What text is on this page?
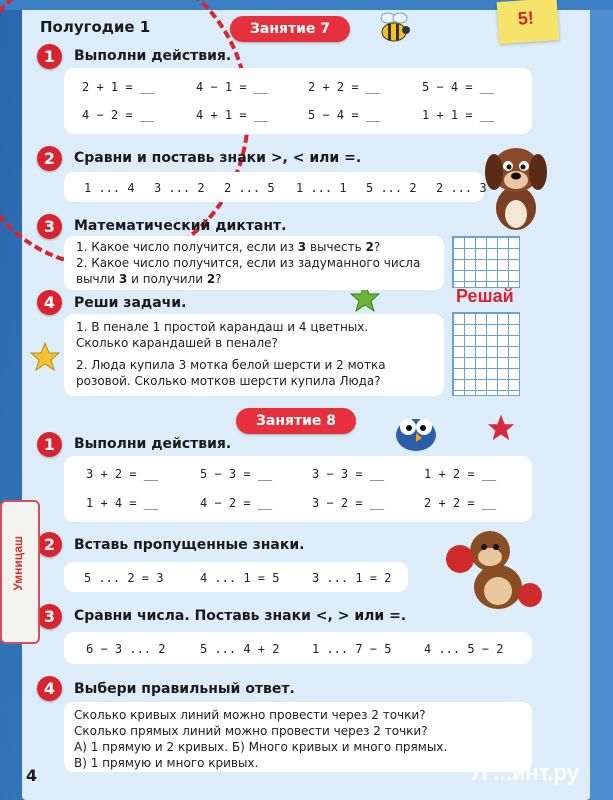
5!
Полугодие 1	Занятие 7
1	Выполни действия.
2 + 1 = __	4 − 1 = __	2 + 2 = __	5 − 4 = __
4 − 2 = __	4 + 1 = __	5 − 4 = __	1 + 1 = __
2	Сравни и поставь знаки >, < или =.
1 ... 4 3 ... 2 2 ... 5 1 ... 1 5 ... 2 2 ... 3
3	Математический диктант.
1. Какое число получится, если из 3 вычесть 2?
2. Какое число получится, если из задуманного числа
вычли 3 и получили 2?
4	Реши задачи.	Решай
1. В пенале 1 простой карандаш и 4 цветных.
Сколько карандашей в пенале?
2. Люда купила 3 мотка белой шерсти и 2 мотка
розовой. Сколько мотков шерсти купила Люда?
Занятие 8
1	Выполни действия.
3 + 2 = __	5 − 3 = __	3 − 3 = __	1 + 2 = __
1 + 4 = __	4 − 2 = __	3 − 2 = __	2 + 2 = __
2	Вставь пропущенные знаки.
5 ... 2 = 3	4 ... 1 = 5	3 ... 1 = 2
3	Сравни числа. Поставь знаки <, > или =.
6 − 3 ... 2	5 ... 4 + 2	1 ... 7 − 5	4 ... 5 − 2
4	Выбери правильный ответ.
Сколько кривых линий можно провести через 2 точки?
Сколько прямых линий можно провести через 2 точки?
А) 1 прямую и 2 кривых. Б) Много кривых и много прямых.
В) 1 прямую и много кривых.
Умницаш
4	Л ...инт.ру
